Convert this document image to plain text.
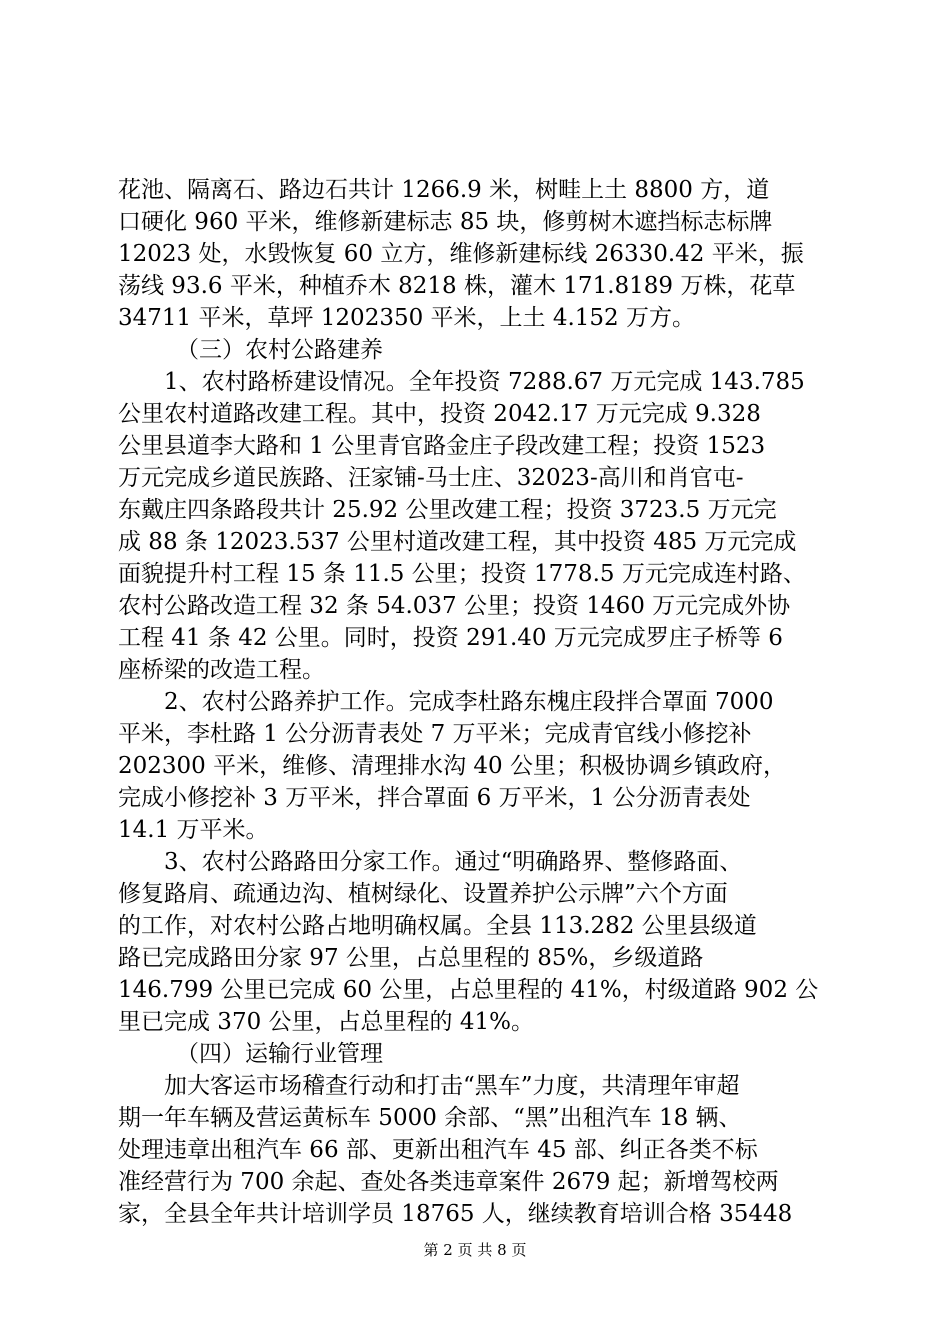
花池、隔离石、路边石共计 1266.9 米，树畦上土 8800 方，道
口硬化 960 平米，维修新建标志 85 块，修剪树木遮挡标志标牌
12023 处，水毁恢复 60 立方，维修新建标线 26330.42 平米，振
荡线 93.6 平米，种植乔木 8218 株，灌木 171.8189 万株，花草
34711 平米，草坪 1202350 平米，上土 4.152 万方。
（三）农村公路建养
1、农村路桥建设情况。全年投资 7288.67 万元完成 143.785
公里农村道路改建工程。其中，投资 2042.17 万元完成 9.328
公里县道李大路和 1 公里青官路金庄子段改建工程；投资 1523
万元完成乡道民族路、汪家铺-马士庄、32023-高川和肖官屯-
东戴庄四条路段共计 25.92 公里改建工程；投资 3723.5 万元完
成 88 条 12023.537 公里村道改建工程，其中投资 485 万元完成
面貌提升村工程 15 条 11.5 公里；投资 1778.5 万元完成连村路、
农村公路改造工程 32 条 54.037 公里；投资 1460 万元完成外协
工程 41 条 42 公里。同时，投资 291.40 万元完成罗庄子桥等 6
座桥梁的改造工程。
2、农村公路养护工作。完成李杜路东槐庄段拌合罩面 7000
平米，李杜路 1 公分沥青表处 7 万平米；完成青官线小修挖补
202300 平米，维修、清理排水沟 40 公里；积极协调乡镇政府，
完成小修挖补 3 万平米，拌合罩面 6 万平米，1 公分沥青表处
14.1 万平米。
3、农村公路路田分家工作。通过“明确路界、整修路面、
修复路肩、疏通边沟、植树绿化、设置养护公示牌”六个方面
的工作，对农村公路占地明确权属。全县 113.282 公里县级道
路已完成路田分家 97 公里，占总里程的 85%，乡级道路
146.799 公里已完成 60 公里，占总里程的 41%，村级道路 902 公
里已完成 370 公里，占总里程的 41%。
（四）运输行业管理
加大客运市场稽查行动和打击“黑车”力度，共清理年审超
期一年车辆及营运黄标车 5000 余部、“黑”出租汽车 18 辆、
处理违章出租汽车 66 部、更新出租汽车 45 部、纠正各类不标
准经营行为 700 余起、查处各类违章案件 2679 起；新增驾校两
家，全县全年共计培训学员 18765 人，继续教育培训合格 35448
第 2 页 共 8 页
